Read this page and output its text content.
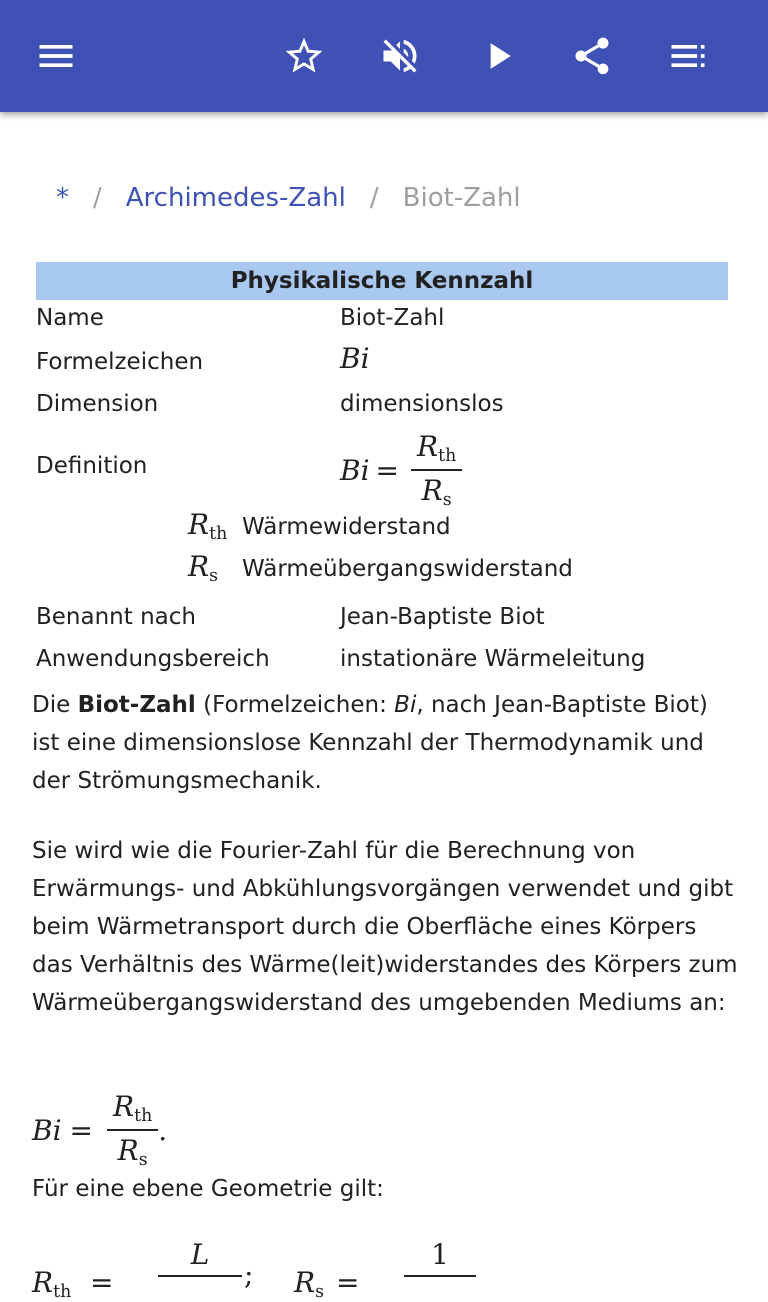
* / Archimedes-Zahl / Biot-Zahl
Physikalische Kennzahl
Name	Biot-Zahl
Formelzeichen	Bi
Dimension	dimensionslos
Definition	$Bi = \frac{R_{th}}{R_s}$
$R_{th}$ Wärmewiderstand
$R_s$ Wärmeübergangswiderstand
Benannt nach	Jean-Baptiste Biot
Anwendungsbereich	instationäre Wärmeleitung

Die Biot-Zahl (Formelzeichen: Bi, nach Jean-Baptiste Biot) ist eine dimensionslose Kennzahl der Thermodynamik und der Strömungsmechanik.

Sie wird wie die Fourier-Zahl für die Berechnung von Erwärmungs- und Abkühlungsvorgängen verwendet und gibt beim Wärmetransport durch die Oberfläche eines Körpers das Verhältnis des Wärme(leit)widerstandes des Körpers zum Wärmeübergangswiderstand des umgebenden Mediums an:

$Bi = \frac{R_{th}}{R_s}$ .

Für eine ebene Geometrie gilt:

$R_{th}$ =
L
; $R_s$ =
1
